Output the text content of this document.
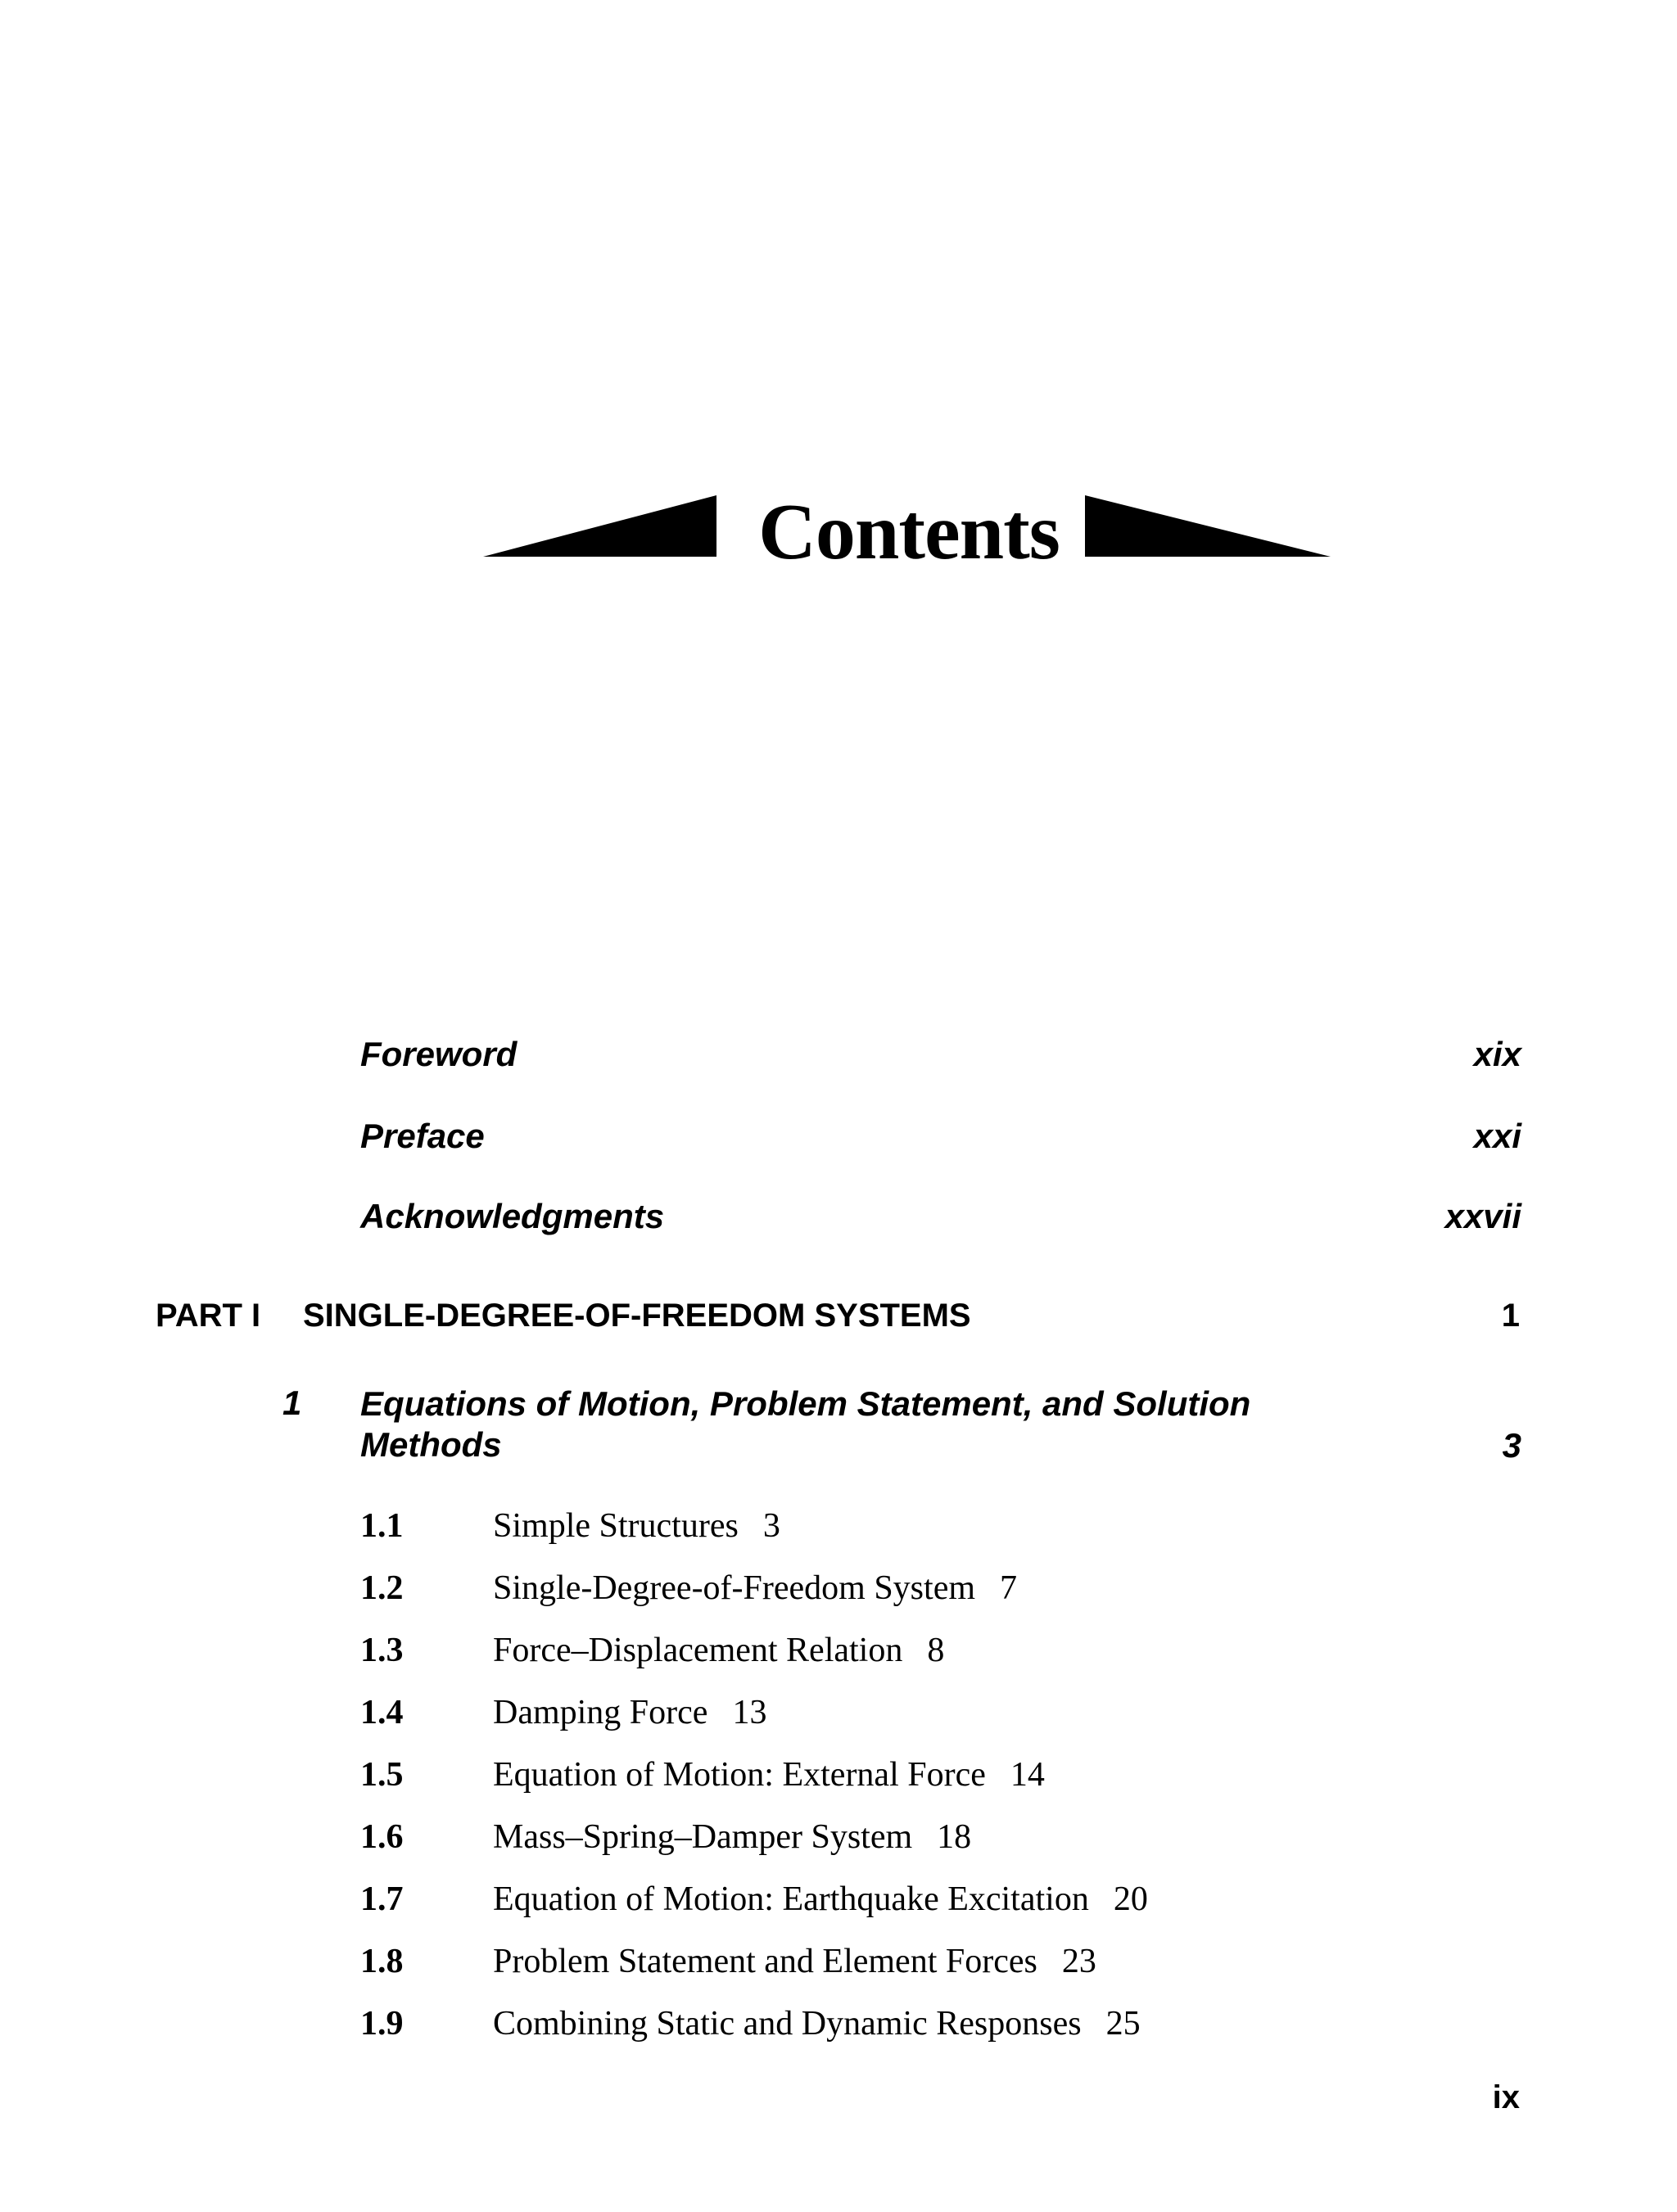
Contents
Foreword	xix
Preface	xxi
Acknowledgments	xxvii
PART I SINGLE-DEGREE-OF-FREEDOM SYSTEMS	1
1 Equations of Motion, Problem Statement, and Solution Methods	3
1.1	Simple Structures 3
1.2	Single-Degree-of-Freedom System 7
1.3	Force–Displacement Relation 8
1.4	Damping Force 13
1.5	Equation of Motion: External Force 14
1.6	Mass–Spring–Damper System 18
1.7	Equation of Motion: Earthquake Excitation 20
1.8	Problem Statement and Element Forces 23
1.9	Combining Static and Dynamic Responses 25
ix
